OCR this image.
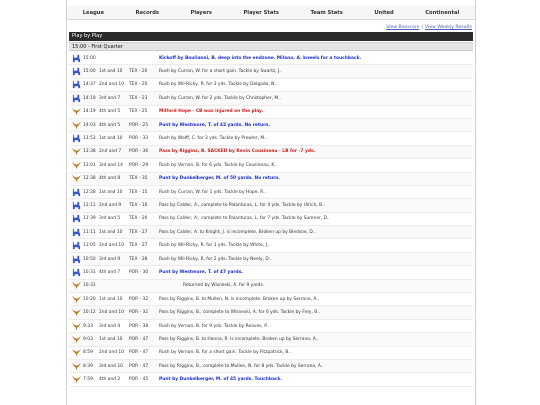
League	Records	Players	Player Stats	Team Stats	United	Continental
View Boxscore | View Weekly Results
Play by Play
15:00 - First Quarter
15:00	Kickoff by Boulianni, B. deep into the endzone. Milano, A. kneels for a touchback.
15:00 1st and 10	TEX - 20	Rush by Curran, W. for a short gain. Tackle by Swartz, J..
14:37 2nd and 10	TEX - 20	Rush by Wil-Ricky, R. for 3 yds. Tackle by Delgado, N..
14:19 3rd and 7	TEX - 23	Rush by Curran, W. for 2 yds. Tackle by Christopher, M..
14:19 4th and 5	TEX - 25	Milford Hope - CB was injured on the play.
14:03 4th and 5	POR - 25	Punt by Westmore, T. of 42 yards. No return.
13:53 1st and 10	POR - 33	Rush by Wolff, C. for 3 yds. Tackle by Prewler, M..
13:38 2nd and 7	POR - 36	Pass by Riggins, B. SACKED by Kevin Cousineau - LB for -7 yds.
13:01 3rd and 14	POR - 29	Rush by Vernon, B. for 6 yds. Tackle by Cousineau, K..
12:38 4th and 8	TEX - 35	Punt by Dunkelberger, M. of 50 yards. No return.
12:28 1st and 10	TEX - 15	Rush by Curran, W. for 1 yds. Tackle by Hope, R..
12:11 2nd and 9	TEX - 16	Pass by Calder, A., complete to Palanturas, L. for 4 yds. Tackle by Ulrich, B..
11:39 3rd and 5	TEX - 20	Pass by Calder, A., complete to Palanturas, L. for 7 yds. Tackle by Sumner, D..
11:11 1st and 10	TEX - 27	Pass by Calder, A. to Knight, J. is incomplete. Broken up by Bledsoe, D..
11:05 2nd and 10	TEX - 27	Rush by Wil-Ricky, R. for 1 yds. Tackle by White, J..
10:50 3rd and 9	TEX - 28	Rush by Wil-Ricky, R. for 2 yds. Tackle by Neely, D..
10:31 4th and 7	POR - 30	Punt by Westmore, T. of 47 yards.
10:31	Returned by Wisneski, A. for 9 yards.
10:20 1st and 10	POR - 32	Pass by Riggins, B. to Mullen, N. is incomplete. Broken up by Serrano, A..
10:12 2nd and 10	POR - 32	Pass by Riggins, B., complete to Wisneski, A. for 6 yds. Tackle by Frey, B..
9:33	3rd and 4	POR - 38	Rush by Vernon, B. for 9 yds. Tackle by Reaves, P..
9:03	1st and 10	POR - 47	Pass by Riggins, B. to Hanna, R. is incomplete. Broken up by Serrano, A..
8:59	2nd and 10	POR - 47	Rush by Vernon, B. for a short gain. Tackle by Fitzpatrick, B..
8:39	3rd and 10	POR - 47	Pass by Riggins, B., complete to Mullen, N. for 8 yds. Tackle by Serrano, A..
7:59	4th and 2	POR - 45	Punt by Dunkelberger, M. of 45 yards. Touchback.
